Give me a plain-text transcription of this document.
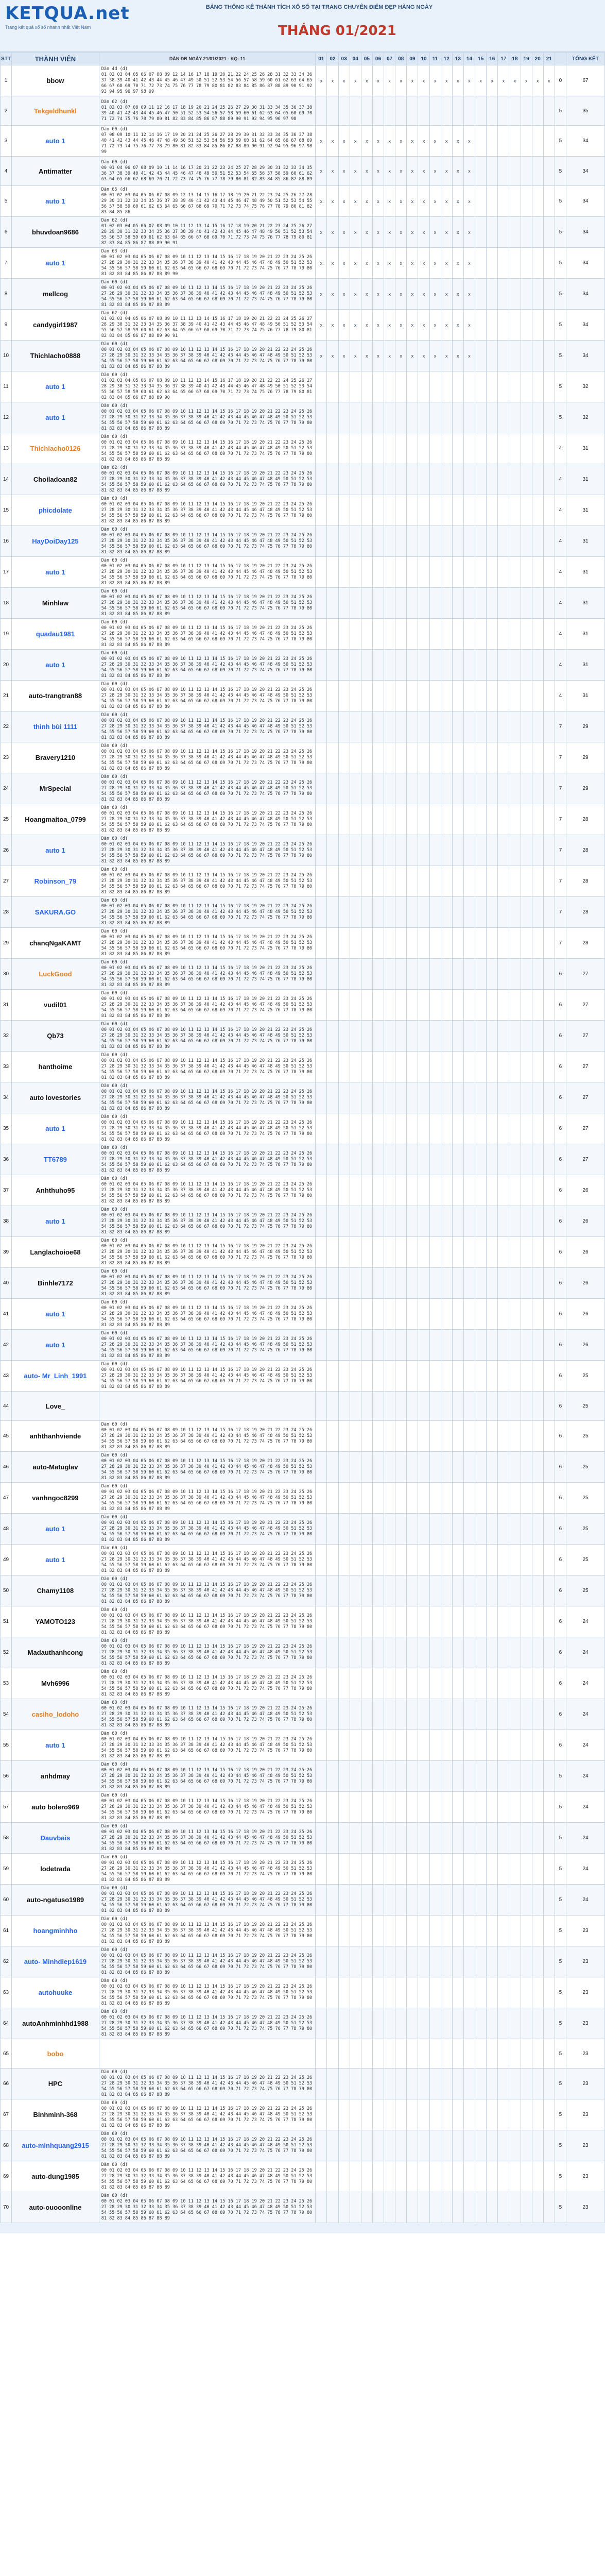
KETQUA.net
Trang kết quả xổ số nhanh nhất Việt Nam
BẢNG THỐNG KÊ THÀNH TÍCH XỔ SỐ TẠI TRANG CHUYÊN ĐIỂM ĐẸP HÀNG NGÀY
THÁNG 01/2021
STT	THÀNH VIÊN	DÀN ĐB NGÀY 21/01/2021 - KQ: 11	01	02	03	04	05	06	07	08	09	10	11	12	13	14	15	16	17	18	19	20	21		TỔNG KẾT
1	bbow	Dàn 4d (d)
01 02 03 04 05 06 07 08 09 12 14 16 17 18 19 20 21 22 24 25 26 28 31 32 33 34 36 37 38 39 40 41 42 43 44 45 46 47 49 50 51 52 53 54 56 57 58 59 60 61 62 63 64 65 66 67 68 69 70 71 72 73 74 75 76 77 78 79 80 81 82 83 84 85 86 87 88 89 90 91 92 93 94 95 96 97 98 99	x	x	x	x	x	x	x	x	x	x	x	x	x	x	x	x	x	x	x	x	x	0	67
2	Tekgeldhunkl	Dàn 62 (d)
01 02 03 07 08 09 11 12 16 17 18 19 20 21 24 25 26 27 29 30 31 33 34 35 36 37 38 39 40 41 42 43 44 45 46 47 50 51 52 53 54 56 57 58 59 60 61 62 63 64 65 68 69 70 71 72 74 75 76 78 79 80 81 82 83 84 85 86 87 88 89 90 91 92 94 95 96 97 98																						5	35
3	auto 1	Dàn 60 (d)
07 08 09 10 11 12 14 16 17 19 20 21 24 25 26 27 28 29 30 31 32 33 34 35 36 37 38 40 41 42 43 44 45 46 47 48 49 50 51 52 53 54 56 58 59 60 61 62 64 65 66 67 68 69 71 72 73 74 75 76 77 78 79 80 81 82 83 84 85 86 87 88 89 90 91 92 94 95 96 97 98 99	x	x	x	x	x	x	x	x	x	x	x	x	x	x								5	34
4	Antimatter	Dàn 60 (d)
00 01 04 06 07 08 09 10 11 14 16 17 20 21 22 23 24 25 27 28 29 30 31 32 33 34 35 36 37 38 39 40 41 42 43 44 45 46 47 48 49 50 51 52 53 54 55 56 57 58 59 60 61 62 63 64 65 66 67 68 69 70 71 72 73 74 75 76 77 78 79 80 81 82 83 84 85 86 87 88 89	x	x	x	x	x	x	x	x	x	x	x	x	x	x								5	34
5	auto 1	Dàn 65 (d)
00 01 02 03 04 05 06 07 08 09 12 13 14 15 16 17 18 19 20 21 22 23 24 25 26 27 28 29 30 31 32 33 34 35 36 37 38 39 40 41 42 43 44 45 46 47 48 49 50 51 52 53 54 55 56 57 58 59 60 61 62 63 64 65 66 67 68 69 70 71 72 73 74 75 76 77 78 79 80 81 82 83 84 85 86	x	x	x	x	x	x	x	x	x	x	x	x	x	x								5	34
6	bhuvdoan9686	Dàn 62 (d)
01 02 03 04 05 06 07 08 09 10 11 12 13 14 15 16 17 18 19 20 21 22 23 24 25 26 27 28 29 30 31 32 33 34 35 36 37 38 39 40 41 42 43 44 45 46 47 48 49 50 51 52 53 54 55 56 57 58 59 60 61 62 63 64 65 66 67 68 69 70 71 72 73 74 75 76 77 78 79 80 81 82 83 84 85 86 87 88 89 90 91	x	x	x	x	x	x	x	x	x	x	x	x	x	x								5	34
7	auto 1	Dàn 63 (d)
00 01 02 03 04 05 06 07 08 09 10 11 12 13 14 15 16 17 18 19 20 21 22 23 24 25 26 27 28 29 30 31 32 33 34 35 36 37 38 39 40 41 42 43 44 45 46 47 48 49 50 51 52 53 54 55 56 57 58 59 60 61 62 63 64 65 66 67 68 69 70 71 72 73 74 75 76 77 78 79 80 81 82 83 84 85 86 87 88 89 90	x	x	x	x	x	x	x	x	x	x	x	x	x	x								5	34
8	mellcog	Dàn 60 (d)
00 01 02 03 04 05 06 07 08 09 10 11 12 13 14 15 16 17 18 19 20 21 22 23 24 25 26 27 28 29 30 31 32 33 34 35 36 37 38 39 40 41 42 43 44 45 46 47 48 49 50 51 52 53 54 55 56 57 58 59 60 61 62 63 64 65 66 67 68 69 70 71 72 73 74 75 76 77 78 79 80 81 82 83 84 85 86 87 88 89	x	x	x	x	x	x	x	x	x	x	x	x	x	x								5	34
9	candygirl1987	Dàn 62 (d)
01 02 03 04 05 06 07 08 09 10 11 12 13 14 15 16 17 18 19 20 21 22 23 24 25 26 27 28 29 30 31 32 33 34 35 36 37 38 39 40 41 42 43 44 45 46 47 48 49 50 51 52 53 54 55 56 57 58 59 60 61 62 63 64 65 66 67 68 69 70 71 72 73 74 75 76 77 78 79 80 81 82 83 84 85 86 87 88 89 90 91	x	x	x	x	x	x	x	x	x	x	x	x	x	x								5	34
10	Thichlacho0888	Dàn 60 (d)
00 01 02 03 04 05 06 07 08 09 10 11 12 13 14 15 16 17 18 19 20 21 22 23 24 25 26 27 28 29 30 31 32 33 34 35 36 37 38 39 40 41 42 43 44 45 46 47 48 49 50 51 52 53 54 55 56 57 58 59 60 61 62 63 64 65 66 67 68 69 70 71 72 73 74 75 76 77 78 79 80 81 82 83 84 85 86 87 88 89	x	x	x	x	x	x	x	x	x	x	x	x	x	x								5	34
11	auto 1	Dàn 60 (d)
01 02 03 04 05 06 07 08 09 10 11 12 13 14 15 16 17 18 19 20 21 22 23 24 25 26 27 28 29 30 31 32 33 34 35 36 37 38 39 40 41 42 43 44 45 46 47 48 49 50 51 52 53 54 55 56 57 58 59 60 61 62 63 64 65 66 67 68 69 70 71 72 73 74 75 76 77 78 79 80 81 82 83 84 85 86 87 88 89 90																						5	32
12	auto 1	Dàn 60 (d)
00 01 02 03 04 05 06 07 08 09 10 11 12 13 14 15 16 17 18 19 20 21 22 23 24 25 26 27 28 29 30 31 32 33 34 35 36 37 38 39 40 41 42 43 44 45 46 47 48 49 50 51 52 53 54 55 56 57 58 59 60 61 62 63 64 65 66 67 68 69 70 71 72 73 74 75 76 77 78 79 80 81 82 83 84 85 86 87 88 89																						5	32
13	Thichlacho0126	Dàn 60 (d)
00 01 02 03 04 05 06 07 08 09 10 11 12 13 14 15 16 17 18 19 20 21 22 23 24 25 26 27 28 29 30 31 32 33 34 35 36 37 38 39 40 41 42 43 44 45 46 47 48 49 50 51 52 53 54 55 56 57 58 59 60 61 62 63 64 65 66 67 68 69 70 71 72 73 74 75 76 77 78 79 80 81 82 83 84 85 86 87 88 89																						4	31
14	Choiladoan82	Dàn 62 (d)
00 01 02 03 04 05 06 07 08 09 10 11 12 13 14 15 16 17 18 19 20 21 22 23 24 25 26 27 28 29 30 31 32 33 34 35 36 37 38 39 40 41 42 43 44 45 46 47 48 49 50 51 52 53 54 55 56 57 58 59 60 61 62 63 64 65 66 67 68 69 70 71 72 73 74 75 76 77 78 79 80 81 82 83 84 85 86 87 88 89																						4	31
15	phicdolate	Dàn 60 (d)
00 01 02 03 04 05 06 07 08 09 10 11 12 13 14 15 16 17 18 19 20 21 22 23 24 25 26 27 28 29 30 31 32 33 34 35 36 37 38 39 40 41 42 43 44 45 46 47 48 49 50 51 52 53 54 55 56 57 58 59 60 61 62 63 64 65 66 67 68 69 70 71 72 73 74 75 76 77 78 79 80 81 82 83 84 85 86 87 88 89																						4	31
16	HayDoiDay125	Dàn 60 (d)
00 01 02 03 04 05 06 07 08 09 10 11 12 13 14 15 16 17 18 19 20 21 22 23 24 25 26 27 28 29 30 31 32 33 34 35 36 37 38 39 40 41 42 43 44 45 46 47 48 49 50 51 52 53 54 55 56 57 58 59 60 61 62 63 64 65 66 67 68 69 70 71 72 73 74 75 76 77 78 79 80 81 82 83 84 85 86 87 88 89																						4	31
17	auto 1	Dàn 60 (d)
00 01 02 03 04 05 06 07 08 09 10 11 12 13 14 15 16 17 18 19 20 21 22 23 24 25 26 27 28 29 30 31 32 33 34 35 36 37 38 39 40 41 42 43 44 45 46 47 48 49 50 51 52 53 54 55 56 57 58 59 60 61 62 63 64 65 66 67 68 69 70 71 72 73 74 75 76 77 78 79 80 81 82 83 84 85 86 87 88 89																						4	31
18	Minhlaw	Dàn 60 (d)
00 01 02 03 04 05 06 07 08 09 10 11 12 13 14 15 16 17 18 19 20 21 22 23 24 25 26 27 28 29 30 31 32 33 34 35 36 37 38 39 40 41 42 43 44 45 46 47 48 49 50 51 52 53 54 55 56 57 58 59 60 61 62 63 64 65 66 67 68 69 70 71 72 73 74 75 76 77 78 79 80 81 82 83 84 85 86 87 88 89																						4	31
19	quadau1981	Dàn 60 (d)
00 01 02 03 04 05 06 07 08 09 10 11 12 13 14 15 16 17 18 19 20 21 22 23 24 25 26 27 28 29 30 31 32 33 34 35 36 37 38 39 40 41 42 43 44 45 46 47 48 49 50 51 52 53 54 55 56 57 58 59 60 61 62 63 64 65 66 67 68 69 70 71 72 73 74 75 76 77 78 79 80 81 82 83 84 85 86 87 88 89																						4	31
20	auto 1	Dàn 60 (d)
00 01 02 03 04 05 06 07 08 09 10 11 12 13 14 15 16 17 18 19 20 21 22 23 24 25 26 27 28 29 30 31 32 33 34 35 36 37 38 39 40 41 42 43 44 45 46 47 48 49 50 51 52 53 54 55 56 57 58 59 60 61 62 63 64 65 66 67 68 69 70 71 72 73 74 75 76 77 78 79 80 81 82 83 84 85 86 87 88 89																						4	31
21	auto-trangtran88	Dàn 60 (d)
00 01 02 03 04 05 06 07 08 09 10 11 12 13 14 15 16 17 18 19 20 21 22 23 24 25 26 27 28 29 30 31 32 33 34 35 36 37 38 39 40 41 42 43 44 45 46 47 48 49 50 51 52 53 54 55 56 57 58 59 60 61 62 63 64 65 66 67 68 69 70 71 72 73 74 75 76 77 78 79 80 81 82 83 84 85 86 87 88 89																						4	31
22	thinh bùi 1111	Dàn 60 (d)
00 01 02 03 04 05 06 07 08 09 10 11 12 13 14 15 16 17 18 19 20 21 22 23 24 25 26 27 28 29 30 31 32 33 34 35 36 37 38 39 40 41 42 43 44 45 46 47 48 49 50 51 52 53 54 55 56 57 58 59 60 61 62 63 64 65 66 67 68 69 70 71 72 73 74 75 76 77 78 79 80 81 82 83 84 85 86 87 88 89																						7	29
23	Bravery1210	Dàn 60 (d)
00 01 02 03 04 05 06 07 08 09 10 11 12 13 14 15 16 17 18 19 20 21 22 23 24 25 26 27 28 29 30 31 32 33 34 35 36 37 38 39 40 41 42 43 44 45 46 47 48 49 50 51 52 53 54 55 56 57 58 59 60 61 62 63 64 65 66 67 68 69 70 71 72 73 74 75 76 77 78 79 80 81 82 83 84 85 86 87 88 89																						7	29
24	MrSpecial	Dàn 60 (d)
00 01 02 03 04 05 06 07 08 09 10 11 12 13 14 15 16 17 18 19 20 21 22 23 24 25 26 27 28 29 30 31 32 33 34 35 36 37 38 39 40 41 42 43 44 45 46 47 48 49 50 51 52 53 54 55 56 57 58 59 60 61 62 63 64 65 66 67 68 69 70 71 72 73 74 75 76 77 78 79 80 81 82 83 84 85 86 87 88 89																						7	29
25	Hoangmaitoa_0799	Dàn 60 (d)
00 01 02 03 04 05 06 07 08 09 10 11 12 13 14 15 16 17 18 19 20 21 22 23 24 25 26 27 28 29 30 31 32 33 34 35 36 37 38 39 40 41 42 43 44 45 46 47 48 49 50 51 52 53 54 55 56 57 58 59 60 61 62 63 64 65 66 67 68 69 70 71 72 73 74 75 76 77 78 79 80 81 82 83 84 85 86 87 88 89																						7	28
26	auto 1	Dàn 60 (d)
00 01 02 03 04 05 06 07 08 09 10 11 12 13 14 15 16 17 18 19 20 21 22 23 24 25 26 27 28 29 30 31 32 33 34 35 36 37 38 39 40 41 42 43 44 45 46 47 48 49 50 51 52 53 54 55 56 57 58 59 60 61 62 63 64 65 66 67 68 69 70 71 72 73 74 75 76 77 78 79 80 81 82 83 84 85 86 87 88 89																						7	28
27	Robinson_79	Dàn 60 (d)
00 01 02 03 04 05 06 07 08 09 10 11 12 13 14 15 16 17 18 19 20 21 22 23 24 25 26 27 28 29 30 31 32 33 34 35 36 37 38 39 40 41 42 43 44 45 46 47 48 49 50 51 52 53 54 55 56 57 58 59 60 61 62 63 64 65 66 67 68 69 70 71 72 73 74 75 76 77 78 79 80 81 82 83 84 85 86 87 88 89																						7	28
28	SAKURA.GO	Dàn 60 (d)
00 01 02 03 04 05 06 07 08 09 10 11 12 13 14 15 16 17 18 19 20 21 22 23 24 25 26 27 28 29 30 31 32 33 34 35 36 37 38 39 40 41 42 43 44 45 46 47 48 49 50 51 52 53 54 55 56 57 58 59 60 61 62 63 64 65 66 67 68 69 70 71 72 73 74 75 76 77 78 79 80 81 82 83 84 85 86 87 88 89																						7	28
29	chanqNgaKAMT	Dàn 60 (d)
00 01 02 03 04 05 06 07 08 09 10 11 12 13 14 15 16 17 18 19 20 21 22 23 24 25 26 27 28 29 30 31 32 33 34 35 36 37 38 39 40 41 42 43 44 45 46 47 48 49 50 51 52 53 54 55 56 57 58 59 60 61 62 63 64 65 66 67 68 69 70 71 72 73 74 75 76 77 78 79 80 81 82 83 84 85 86 87 88 89																						7	28
30	LuckGood	Dàn 60 (d)
00 01 02 03 04 05 06 07 08 09 10 11 12 13 14 15 16 17 18 19 20 21 22 23 24 25 26 27 28 29 30 31 32 33 34 35 36 37 38 39 40 41 42 43 44 45 46 47 48 49 50 51 52 53 54 55 56 57 58 59 60 61 62 63 64 65 66 67 68 69 70 71 72 73 74 75 76 77 78 79 80 81 82 83 84 85 86 87 88 89																						6	27
31	vudil01	Dàn 60 (d)
00 01 02 03 04 05 06 07 08 09 10 11 12 13 14 15 16 17 18 19 20 21 22 23 24 25 26 27 28 29 30 31 32 33 34 35 36 37 38 39 40 41 42 43 44 45 46 47 48 49 50 51 52 53 54 55 56 57 58 59 60 61 62 63 64 65 66 67 68 69 70 71 72 73 74 75 76 77 78 79 80 81 82 83 84 85 86 87 88 89																						6	27
32	Qb73	Dàn 60 (d)
00 01 02 03 04 05 06 07 08 09 10 11 12 13 14 15 16 17 18 19 20 21 22 23 24 25 26 27 28 29 30 31 32 33 34 35 36 37 38 39 40 41 42 43 44 45 46 47 48 49 50 51 52 53 54 55 56 57 58 59 60 61 62 63 64 65 66 67 68 69 70 71 72 73 74 75 76 77 78 79 80 81 82 83 84 85 86 87 88 89																						6	27
33	hanthoime	Dàn 60 (d)
00 01 02 03 04 05 06 07 08 09 10 11 12 13 14 15 16 17 18 19 20 21 22 23 24 25 26 27 28 29 30 31 32 33 34 35 36 37 38 39 40 41 42 43 44 45 46 47 48 49 50 51 52 53 54 55 56 57 58 59 60 61 62 63 64 65 66 67 68 69 70 71 72 73 74 75 76 77 78 79 80 81 82 83 84 85 86 87 88 89																						6	27
34	auto lovestories	Dàn 60 (d)
00 01 02 03 04 05 06 07 08 09 10 11 12 13 14 15 16 17 18 19 20 21 22 23 24 25 26 27 28 29 30 31 32 33 34 35 36 37 38 39 40 41 42 43 44 45 46 47 48 49 50 51 52 53 54 55 56 57 58 59 60 61 62 63 64 65 66 67 68 69 70 71 72 73 74 75 76 77 78 79 80 81 82 83 84 85 86 87 88 89																						6	27
35	auto 1	Dàn 60 (d)
00 01 02 03 04 05 06 07 08 09 10 11 12 13 14 15 16 17 18 19 20 21 22 23 24 25 26 27 28 29 30 31 32 33 34 35 36 37 38 39 40 41 42 43 44 45 46 47 48 49 50 51 52 53 54 55 56 57 58 59 60 61 62 63 64 65 66 67 68 69 70 71 72 73 74 75 76 77 78 79 80 81 82 83 84 85 86 87 88 89																						6	27
36	TT6789	Dàn 60 (d)
00 01 02 03 04 05 06 07 08 09 10 11 12 13 14 15 16 17 18 19 20 21 22 23 24 25 26 27 28 29 30 31 32 33 34 35 36 37 38 39 40 41 42 43 44 45 46 47 48 49 50 51 52 53 54 55 56 57 58 59 60 61 62 63 64 65 66 67 68 69 70 71 72 73 74 75 76 77 78 79 80 81 82 83 84 85 86 87 88 89																						6	27
37	Anhthuho95	Dàn 60 (d)
00 01 02 03 04 05 06 07 08 09 10 11 12 13 14 15 16 17 18 19 20 21 22 23 24 25 26 27 28 29 30 31 32 33 34 35 36 37 38 39 40 41 42 43 44 45 46 47 48 49 50 51 52 53 54 55 56 57 58 59 60 61 62 63 64 65 66 67 68 69 70 71 72 73 74 75 76 77 78 79 80 81 82 83 84 85 86 87 88 89																						6	26
38	auto 1	Dàn 60 (d)
00 01 02 03 04 05 06 07 08 09 10 11 12 13 14 15 16 17 18 19 20 21 22 23 24 25 26 27 28 29 30 31 32 33 34 35 36 37 38 39 40 41 42 43 44 45 46 47 48 49 50 51 52 53 54 55 56 57 58 59 60 61 62 63 64 65 66 67 68 69 70 71 72 73 74 75 76 77 78 79 80 81 82 83 84 85 86 87 88 89																						6	26
39	Langlachoioe68	Dàn 60 (d)
00 01 02 03 04 05 06 07 08 09 10 11 12 13 14 15 16 17 18 19 20 21 22 23 24 25 26 27 28 29 30 31 32 33 34 35 36 37 38 39 40 41 42 43 44 45 46 47 48 49 50 51 52 53 54 55 56 57 58 59 60 61 62 63 64 65 66 67 68 69 70 71 72 73 74 75 76 77 78 79 80 81 82 83 84 85 86 87 88 89																						6	26
40	Binhle7172	Dàn 60 (d)
00 01 02 03 04 05 06 07 08 09 10 11 12 13 14 15 16 17 18 19 20 21 22 23 24 25 26 27 28 29 30 31 32 33 34 35 36 37 38 39 40 41 42 43 44 45 46 47 48 49 50 51 52 53 54 55 56 57 58 59 60 61 62 63 64 65 66 67 68 69 70 71 72 73 74 75 76 77 78 79 80 81 82 83 84 85 86 87 88 89																						6	26
41	auto 1	Dàn 60 (d)
00 01 02 03 04 05 06 07 08 09 10 11 12 13 14 15 16 17 18 19 20 21 22 23 24 25 26 27 28 29 30 31 32 33 34 35 36 37 38 39 40 41 42 43 44 45 46 47 48 49 50 51 52 53 54 55 56 57 58 59 60 61 62 63 64 65 66 67 68 69 70 71 72 73 74 75 76 77 78 79 80 81 82 83 84 85 86 87 88 89																						6	26
42	auto 1	Dàn 60 (d)
00 01 02 03 04 05 06 07 08 09 10 11 12 13 14 15 16 17 18 19 20 21 22 23 24 25 26 27 28 29 30 31 32 33 34 35 36 37 38 39 40 41 42 43 44 45 46 47 48 49 50 51 52 53 54 55 56 57 58 59 60 61 62 63 64 65 66 67 68 69 70 71 72 73 74 75 76 77 78 79 80 81 82 83 84 85 86 87 88 89																						6	26
43	auto- Mr_Linh_1991	Dàn 60 (d)
00 01 02 03 04 05 06 07 08 09 10 11 12 13 14 15 16 17 18 19 20 21 22 23 24 25 26 27 28 29 30 31 32 33 34 35 36 37 38 39 40 41 42 43 44 45 46 47 48 49 50 51 52 53 54 55 56 57 58 59 60 61 62 63 64 65 66 67 68 69 70 71 72 73 74 75 76 77 78 79 80 81 82 83 84 85 86 87 88 89																						6	25
44	Love_																							6	25
45	anhthanhviende	Dàn 60 (d)
00 01 02 03 04 05 06 07 08 09 10 11 12 13 14 15 16 17 18 19 20 21 22 23 24 25 26 27 28 29 30 31 32 33 34 35 36 37 38 39 40 41 42 43 44 45 46 47 48 49 50 51 52 53 54 55 56 57 58 59 60 61 62 63 64 65 66 67 68 69 70 71 72 73 74 75 76 77 78 79 80 81 82 83 84 85 86 87 88 89																						6	25
46	auto-Matuglav	Dàn 60 (d)
00 01 02 03 04 05 06 07 08 09 10 11 12 13 14 15 16 17 18 19 20 21 22 23 24 25 26 27 28 29 30 31 32 33 34 35 36 37 38 39 40 41 42 43 44 45 46 47 48 49 50 51 52 53 54 55 56 57 58 59 60 61 62 63 64 65 66 67 68 69 70 71 72 73 74 75 76 77 78 79 80 81 82 83 84 85 86 87 88 89																						6	25
47	vanhngoc8299	Dàn 60 (d)
00 01 02 03 04 05 06 07 08 09 10 11 12 13 14 15 16 17 18 19 20 21 22 23 24 25 26 27 28 29 30 31 32 33 34 35 36 37 38 39 40 41 42 43 44 45 46 47 48 49 50 51 52 53 54 55 56 57 58 59 60 61 62 63 64 65 66 67 68 69 70 71 72 73 74 75 76 77 78 79 80 81 82 83 84 85 86 87 88 89																						6	25
48	auto 1	Dàn 60 (d)
00 01 02 03 04 05 06 07 08 09 10 11 12 13 14 15 16 17 18 19 20 21 22 23 24 25 26 27 28 29 30 31 32 33 34 35 36 37 38 39 40 41 42 43 44 45 46 47 48 49 50 51 52 53 54 55 56 57 58 59 60 61 62 63 64 65 66 67 68 69 70 71 72 73 74 75 76 77 78 79 80 81 82 83 84 85 86 87 88 89																						6	25
49	auto 1	Dàn 60 (d)
00 01 02 03 04 05 06 07 08 09 10 11 12 13 14 15 16 17 18 19 20 21 22 23 24 25 26 27 28 29 30 31 32 33 34 35 36 37 38 39 40 41 42 43 44 45 46 47 48 49 50 51 52 53 54 55 56 57 58 59 60 61 62 63 64 65 66 67 68 69 70 71 72 73 74 75 76 77 78 79 80 81 82 83 84 85 86 87 88 89																						6	25
50	Chamy1108	Dàn 60 (d)
00 01 02 03 04 05 06 07 08 09 10 11 12 13 14 15 16 17 18 19 20 21 22 23 24 25 26 27 28 29 30 31 32 33 34 35 36 37 38 39 40 41 42 43 44 45 46 47 48 49 50 51 52 53 54 55 56 57 58 59 60 61 62 63 64 65 66 67 68 69 70 71 72 73 74 75 76 77 78 79 80 81 82 83 84 85 86 87 88 89																						6	25
51	YAMOTO123	Dàn 60 (d)
00 01 02 03 04 05 06 07 08 09 10 11 12 13 14 15 16 17 18 19 20 21 22 23 24 25 26 27 28 29 30 31 32 33 34 35 36 37 38 39 40 41 42 43 44 45 46 47 48 49 50 51 52 53 54 55 56 57 58 59 60 61 62 63 64 65 66 67 68 69 70 71 72 73 74 75 76 77 78 79 80 81 82 83 84 85 86 87 88 89																						6	24
52	Madauthanhcong	Dàn 60 (d)
00 01 02 03 04 05 06 07 08 09 10 11 12 13 14 15 16 17 18 19 20 21 22 23 24 25 26 27 28 29 30 31 32 33 34 35 36 37 38 39 40 41 42 43 44 45 46 47 48 49 50 51 52 53 54 55 56 57 58 59 60 61 62 63 64 65 66 67 68 69 70 71 72 73 74 75 76 77 78 79 80 81 82 83 84 85 86 87 88 89																						6	24
53	Mvh6996	Dàn 60 (d)
00 01 02 03 04 05 06 07 08 09 10 11 12 13 14 15 16 17 18 19 20 21 22 23 24 25 26 27 28 29 30 31 32 33 34 35 36 37 38 39 40 41 42 43 44 45 46 47 48 49 50 51 52 53 54 55 56 57 58 59 60 61 62 63 64 65 66 67 68 69 70 71 72 73 74 75 76 77 78 79 80 81 82 83 84 85 86 87 88 89																						6	24
54	casiho_lodoho	Dàn 60 (d)
00 01 02 03 04 05 06 07 08 09 10 11 12 13 14 15 16 17 18 19 20 21 22 23 24 25 26 27 28 29 30 31 32 33 34 35 36 37 38 39 40 41 42 43 44 45 46 47 48 49 50 51 52 53 54 55 56 57 58 59 60 61 62 63 64 65 66 67 68 69 70 71 72 73 74 75 76 77 78 79 80 81 82 83 84 85 86 87 88 89																						6	24
55	auto 1	Dàn 60 (d)
00 01 02 03 04 05 06 07 08 09 10 11 12 13 14 15 16 17 18 19 20 21 22 23 24 25 26 27 28 29 30 31 32 33 34 35 36 37 38 39 40 41 42 43 44 45 46 47 48 49 50 51 52 53 54 55 56 57 58 59 60 61 62 63 64 65 66 67 68 69 70 71 72 73 74 75 76 77 78 79 80 81 82 83 84 85 86 87 88 89																						6	24
56	anhdmay	Dàn 60 (d)
00 01 02 03 04 05 06 07 08 09 10 11 12 13 14 15 16 17 18 19 20 21 22 23 24 25 26 27 28 29 30 31 32 33 34 35 36 37 38 39 40 41 42 43 44 45 46 47 48 49 50 51 52 53 54 55 56 57 58 59 60 61 62 63 64 65 66 67 68 69 70 71 72 73 74 75 76 77 78 79 80 81 82 83 84 85 86 87 88 89																						5	24
57	auto bolero969	Dàn 60 (d)
00 01 02 03 04 05 06 07 08 09 10 11 12 13 14 15 16 17 18 19 20 21 22 23 24 25 26 27 28 29 30 31 32 33 34 35 36 37 38 39 40 41 42 43 44 45 46 47 48 49 50 51 52 53 54 55 56 57 58 59 60 61 62 63 64 65 66 67 68 69 70 71 72 73 74 75 76 77 78 79 80 81 82 83 84 85 86 87 88 89																						5	24
58	Dauvbais	Dàn 60 (d)
00 01 02 03 04 05 06 07 08 09 10 11 12 13 14 15 16 17 18 19 20 21 22 23 24 25 26 27 28 29 30 31 32 33 34 35 36 37 38 39 40 41 42 43 44 45 46 47 48 49 50 51 52 53 54 55 56 57 58 59 60 61 62 63 64 65 66 67 68 69 70 71 72 73 74 75 76 77 78 79 80 81 82 83 84 85 86 87 88 89																						5	24
59	lodetrada	Dàn 60 (d)
00 01 02 03 04 05 06 07 08 09 10 11 12 13 14 15 16 17 18 19 20 21 22 23 24 25 26 27 28 29 30 31 32 33 34 35 36 37 38 39 40 41 42 43 44 45 46 47 48 49 50 51 52 53 54 55 56 57 58 59 60 61 62 63 64 65 66 67 68 69 70 71 72 73 74 75 76 77 78 79 80 81 82 83 84 85 86 87 88 89																						5	24
60	auto-ngatuso1989	Dàn 60 (d)
00 01 02 03 04 05 06 07 08 09 10 11 12 13 14 15 16 17 18 19 20 21 22 23 24 25 26 27 28 29 30 31 32 33 34 35 36 37 38 39 40 41 42 43 44 45 46 47 48 49 50 51 52 53 54 55 56 57 58 59 60 61 62 63 64 65 66 67 68 69 70 71 72 73 74 75 76 77 78 79 80 81 82 83 84 85 86 87 88 89																						5	24
61	hoangminhho	Dàn 60 (d)
00 01 02 03 04 05 06 07 08 09 10 11 12 13 14 15 16 17 18 19 20 21 22 23 24 25 26 27 28 29 30 31 32 33 34 35 36 37 38 39 40 41 42 43 44 45 46 47 48 49 50 51 52 53 54 55 56 57 58 59 60 61 62 63 64 65 66 67 68 69 70 71 72 73 74 75 76 77 78 79 80 81 82 83 84 85 86 87 88 89																						5	23
62	auto- Minhdiep1619	Dàn 60 (d)
00 01 02 03 04 05 06 07 08 09 10 11 12 13 14 15 16 17 18 19 20 21 22 23 24 25 26 27 28 29 30 31 32 33 34 35 36 37 38 39 40 41 42 43 44 45 46 47 48 49 50 51 52 53 54 55 56 57 58 59 60 61 62 63 64 65 66 67 68 69 70 71 72 73 74 75 76 77 78 79 80 81 82 83 84 85 86 87 88 89																						5	23
63	autohuuke	Dàn 60 (d)
00 01 02 03 04 05 06 07 08 09 10 11 12 13 14 15 16 17 18 19 20 21 22 23 24 25 26 27 28 29 30 31 32 33 34 35 36 37 38 39 40 41 42 43 44 45 46 47 48 49 50 51 52 53 54 55 56 57 58 59 60 61 62 63 64 65 66 67 68 69 70 71 72 73 74 75 76 77 78 79 80 81 82 83 84 85 86 87 88 89																						5	23
64	autoAnhminhhd1988	Dàn 60 (d)
00 01 02 03 04 05 06 07 08 09 10 11 12 13 14 15 16 17 18 19 20 21 22 23 24 25 26 27 28 29 30 31 32 33 34 35 36 37 38 39 40 41 42 43 44 45 46 47 48 49 50 51 52 53 54 55 56 57 58 59 60 61 62 63 64 65 66 67 68 69 70 71 72 73 74 75 76 77 78 79 80 81 82 83 84 85 86 87 88 89																						5	23
65	bobo																							5	23
66	HPC	Dàn 60 (d)
00 01 02 03 04 05 06 07 08 09 10 11 12 13 14 15 16 17 18 19 20 21 22 23 24 25 26 27 28 29 30 31 32 33 34 35 36 37 38 39 40 41 42 43 44 45 46 47 48 49 50 51 52 53 54 55 56 57 58 59 60 61 62 63 64 65 66 67 68 69 70 71 72 73 74 75 76 77 78 79 80 81 82 83 84 85 86 87 88 89																						5	23
67	Binhminh-368	Dàn 60 (d)
00 01 02 03 04 05 06 07 08 09 10 11 12 13 14 15 16 17 18 19 20 21 22 23 24 25 26 27 28 29 30 31 32 33 34 35 36 37 38 39 40 41 42 43 44 45 46 47 48 49 50 51 52 53 54 55 56 57 58 59 60 61 62 63 64 65 66 67 68 69 70 71 72 73 74 75 76 77 78 79 80 81 82 83 84 85 86 87 88 89																						5	23
68	auto-minhquang2915	Dàn 60 (d)
00 01 02 03 04 05 06 07 08 09 10 11 12 13 14 15 16 17 18 19 20 21 22 23 24 25 26 27 28 29 30 31 32 33 34 35 36 37 38 39 40 41 42 43 44 45 46 47 48 49 50 51 52 53 54 55 56 57 58 59 60 61 62 63 64 65 66 67 68 69 70 71 72 73 74 75 76 77 78 79 80 81 82 83 84 85 86 87 88 89																						5	23
69	auto-dung1985	Dàn 60 (d)
00 01 02 03 04 05 06 07 08 09 10 11 12 13 14 15 16 17 18 19 20 21 22 23 24 25 26 27 28 29 30 31 32 33 34 35 36 37 38 39 40 41 42 43 44 45 46 47 48 49 50 51 52 53 54 55 56 57 58 59 60 61 62 63 64 65 66 67 68 69 70 71 72 73 74 75 76 77 78 79 80 81 82 83 84 85 86 87 88 89																						5	23
70	auto-ouooonline	Dàn 60 (d)
00 01 02 03 04 05 06 07 08 09 10 11 12 13 14 15 16 17 18 19 20 21 22 23 24 25 26 27 28 29 30 31 32 33 34 35 36 37 38 39 40 41 42 43 44 45 46 47 48 49 50 51 52 53 54 55 56 57 58 59 60 61 62 63 64 65 66 67 68 69 70 71 72 73 74 75 76 77 78 79 80 81 82 83 84 85 86 87 88 89																						5	23
